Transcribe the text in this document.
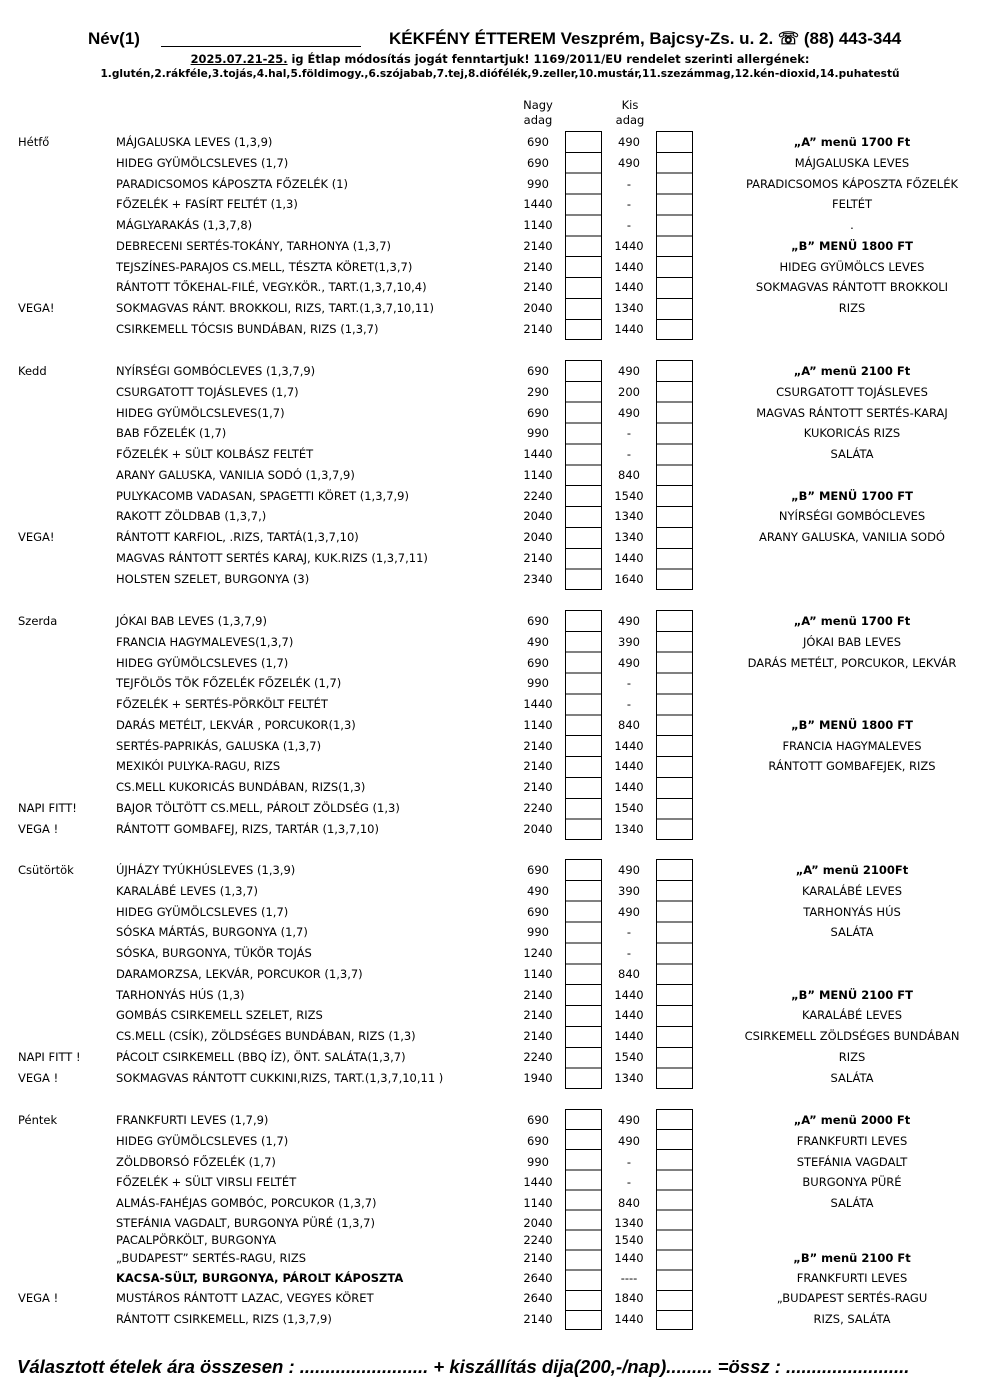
Név(1)	KÉKFÉNY ÉTTEREM Veszprém, Bajcsy-Zs. u. 2. ☏ (88) 443-344
2025.07.21-25. ig Étlap módosítás jogát fenntartjuk! 1169/2011/EU rendelet szerinti allergének:
1.glutén,2.rákféle,3.tojás,4.hal,5.földimogy.,6.szójabab,7.tej,8.diófélék,9.zeller,10.mustár,11.szezámmag,12.kén-dioxid,14.puhatestű
Nagy
adag
Kis
adag
Hétfő	MÁJGALUSKA LEVES (1,3,9)	690	490	„A” menü 1700 Ft
HIDEG GYÜMÖLCSLEVES (1,7)	690	490	MÁJGALUSKA LEVES
PARADICSOMOS KÁPOSZTA FŐZELÉK (1)	990	-	PARADICSOMOS KÁPOSZTA FŐZELÉK
FŐZELÉK + FASÍRT FELTÉT (1,3)	1440	-	FELTÉT
MÁGLYARAKÁS (1,3,7,8)	1140	-	.
DEBRECENI SERTÉS-TOKÁNY, TARHONYA (1,3,7)	2140	1440	„B” MENÜ 1800 FT
TEJSZÍNES-PARAJOS CS.MELL, TÉSZTA KÖRET(1,3,7)	2140	1440	HIDEG GYÜMÖLCS LEVES
RÁNTOTT TŐKEHAL-FILÉ, VEGY.KÖR., TART.(1,3,7,10,4)	2140	1440	SOKMAGVAS RÁNTOTT BROKKOLI
VEGA!	SOKMAGVAS RÁNT. BROKKOLI, RIZS, TART.(1,3,7,10,11)	2040	1340	RIZS
CSIRKEMELL TÓCSIS BUNDÁBAN, RIZS (1,3,7)	2140	1440
Kedd	NYÍRSÉGI GOMBÓCLEVES (1,3,7,9)	690	490	„A” menü 2100 Ft
CSURGATOTT TOJÁSLEVES (1,7)	290	200	CSURGATOTT TOJÁSLEVES
HIDEG GYÜMÖLCSLEVES(1,7)	690	490	MAGVAS RÁNTOTT SERTÉS-KARAJ
BAB FŐZELÉK (1,7)	990	-	KUKORICÁS RIZS
FŐZELÉK + SÜLT KOLBÁSZ FELTÉT	1440	-	SALÁTA
ARANY GALUSKA, VANILIA SODÓ (1,3,7,9)	1140	840
PULYKACOMB VADASAN, SPAGETTI KÖRET (1,3,7,9)	2240	1540	„B” MENÜ 1700 FT
RAKOTT ZÖLDBAB (1,3,7,)	2040	1340	NYÍRSÉGI GOMBÓCLEVES
VEGA!	RÁNTOTT KARFIOL, .RIZS, TARTÁ(1,3,7,10)	2040	1340	ARANY GALUSKA, VANILIA SODÓ
MAGVAS RÁNTOTT SERTÉS KARAJ, KUK.RIZS (1,3,7,11)	2140	1440
HOLSTEN SZELET, BURGONYA (3)	2340	1640
Szerda	JÓKAI BAB LEVES (1,3,7,9)	690	490	„A” menü 1700 Ft
FRANCIA HAGYMALEVES(1,3,7)	490	390	JÓKAI BAB LEVES
HIDEG GYÜMÖLCSLEVES (1,7)	690	490	DARÁS METÉLT, PORCUKOR, LEKVÁR
TEJFÖLÖS TÖK FŐZELÉK FŐZELÉK (1,7)	990	-
FŐZELÉK + SERTÉS-PÖRKÖLT FELTÉT	1440	-
DARÁS METÉLT, LEKVÁR , PORCUKOR(1,3)	1140	840	„B” MENÜ 1800 FT
SERTÉS-PAPRIKÁS, GALUSKA (1,3,7)	2140	1440	FRANCIA HAGYMALEVES
MEXIKÓI PULYKA-RAGU, RIZS	2140	1440	RÁNTOTT GOMBAFEJEK, RIZS
CS.MELL KUKORICÁS BUNDÁBAN, RIZS(1,3)	2140	1440
NAPI FITT!	BAJOR TÖLTÖTT CS.MELL, PÁROLT ZÖLDSÉG (1,3)	2240	1540
VEGA !	RÁNTOTT GOMBAFEJ, RIZS, TARTÁR (1,3,7,10)	2040	1340
Csütörtök	ÚJHÁZY TYÚKHÚSLEVES (1,3,9)	690	490	„A” menü 2100Ft
KARALÁBÉ LEVES (1,3,7)	490	390	KARALÁBÉ LEVES
HIDEG GYÜMÖLCSLEVES (1,7)	690	490	TARHONYÁS HÚS
SÓSKA MÁRTÁS, BURGONYA (1,7)	990	-	SALÁTA
SÓSKA, BURGONYA, TÜKÖR TOJÁS	1240	-
DARAMORZSA, LEKVÁR, PORCUKOR (1,3,7)	1140	840
TARHONYÁS HÚS (1,3)	2140	1440	„B” MENÜ 2100 FT
GOMBÁS CSIRKEMELL SZELET, RIZS	2140	1440	KARALÁBÉ LEVES
CS.MELL (CSÍK), ZÖLDSÉGES BUNDÁBAN, RIZS (1,3)	2140	1440	CSIRKEMELL ZÖLDSÉGES BUNDÁBAN
NAPI FITT !	PÁCOLT CSIRKEMELL (BBQ ÍZ), ÖNT. SALÁTA(1,3,7)	2240	1540	RIZS
VEGA !	SOKMAGVAS RÁNTOTT CUKKINI,RIZS, TART.(1,3,7,10,11 )	1940	1340	SALÁTA
Péntek	FRANKFURTI LEVES (1,7,9)	690	490	„A” menü 2000 Ft
HIDEG GYÜMÖLCSLEVES (1,7)	690	490	FRANKFURTI LEVES
ZÖLDBORSÓ FŐZELÉK (1,7)	990	-	STEFÁNIA VAGDALT
FŐZELÉK + SÜLT VIRSLI FELTÉT	1440	-	BURGONYA PÜRÉ
ALMÁS-FAHÉJAS GOMBÓC, PORCUKOR (1,3,7)	1140	840	SALÁTA
STEFÁNIA VAGDALT, BURGONYA PÜRÉ (1,3,7)	2040	1340
PACALPÖRKÖLT, BURGONYA	2240	1540
„BUDAPEST” SERTÉS-RAGU, RIZS	2140	1440	„B” menü 2100 Ft
KACSA-SÜLT, BURGONYA, PÁROLT KÁPOSZTA	2640	----	FRANKFURTI LEVES
VEGA !	MUSTÁROS RÁNTOTT LAZAC, VEGYES KÖRET	2640	1840	„BUDAPEST SERTÉS-RAGU
RÁNTOTT CSIRKEMELL, RIZS (1,3,7,9)	2140	1440	RIZS, SALÁTA
Választott ételek ára összesen : ......................... + kiszállítás dija(200,-/nap)......... =össz : ........................
